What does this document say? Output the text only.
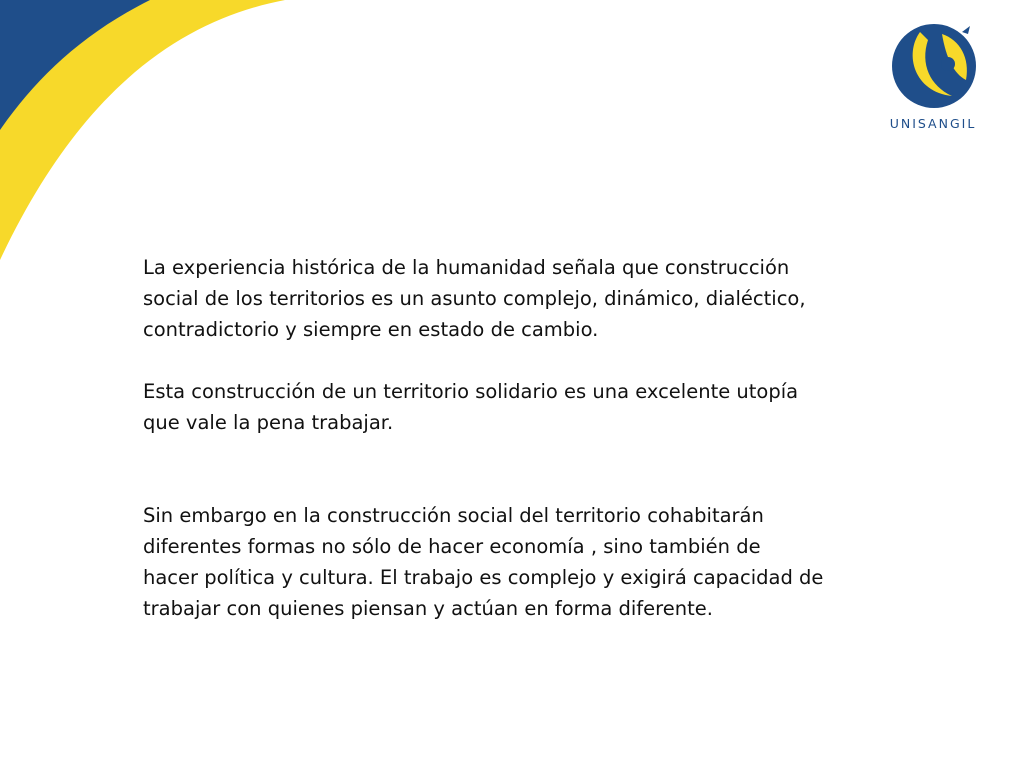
UNISANGIL

La experiencia histórica de la humanidad señala que construcción
social de los territorios es un asunto complejo, dinámico, dialéctico,
contradictorio y siempre en estado de cambio.

Esta construcción de un territorio solidario es una excelente utopía
que vale la pena trabajar.

Sin embargo en la construcción social del territorio cohabitarán
diferentes formas no sólo de hacer economía , sino también de
hacer política y cultura. El trabajo es complejo y exigirá capacidad de
trabajar con quienes piensan y actúan en forma diferente.
